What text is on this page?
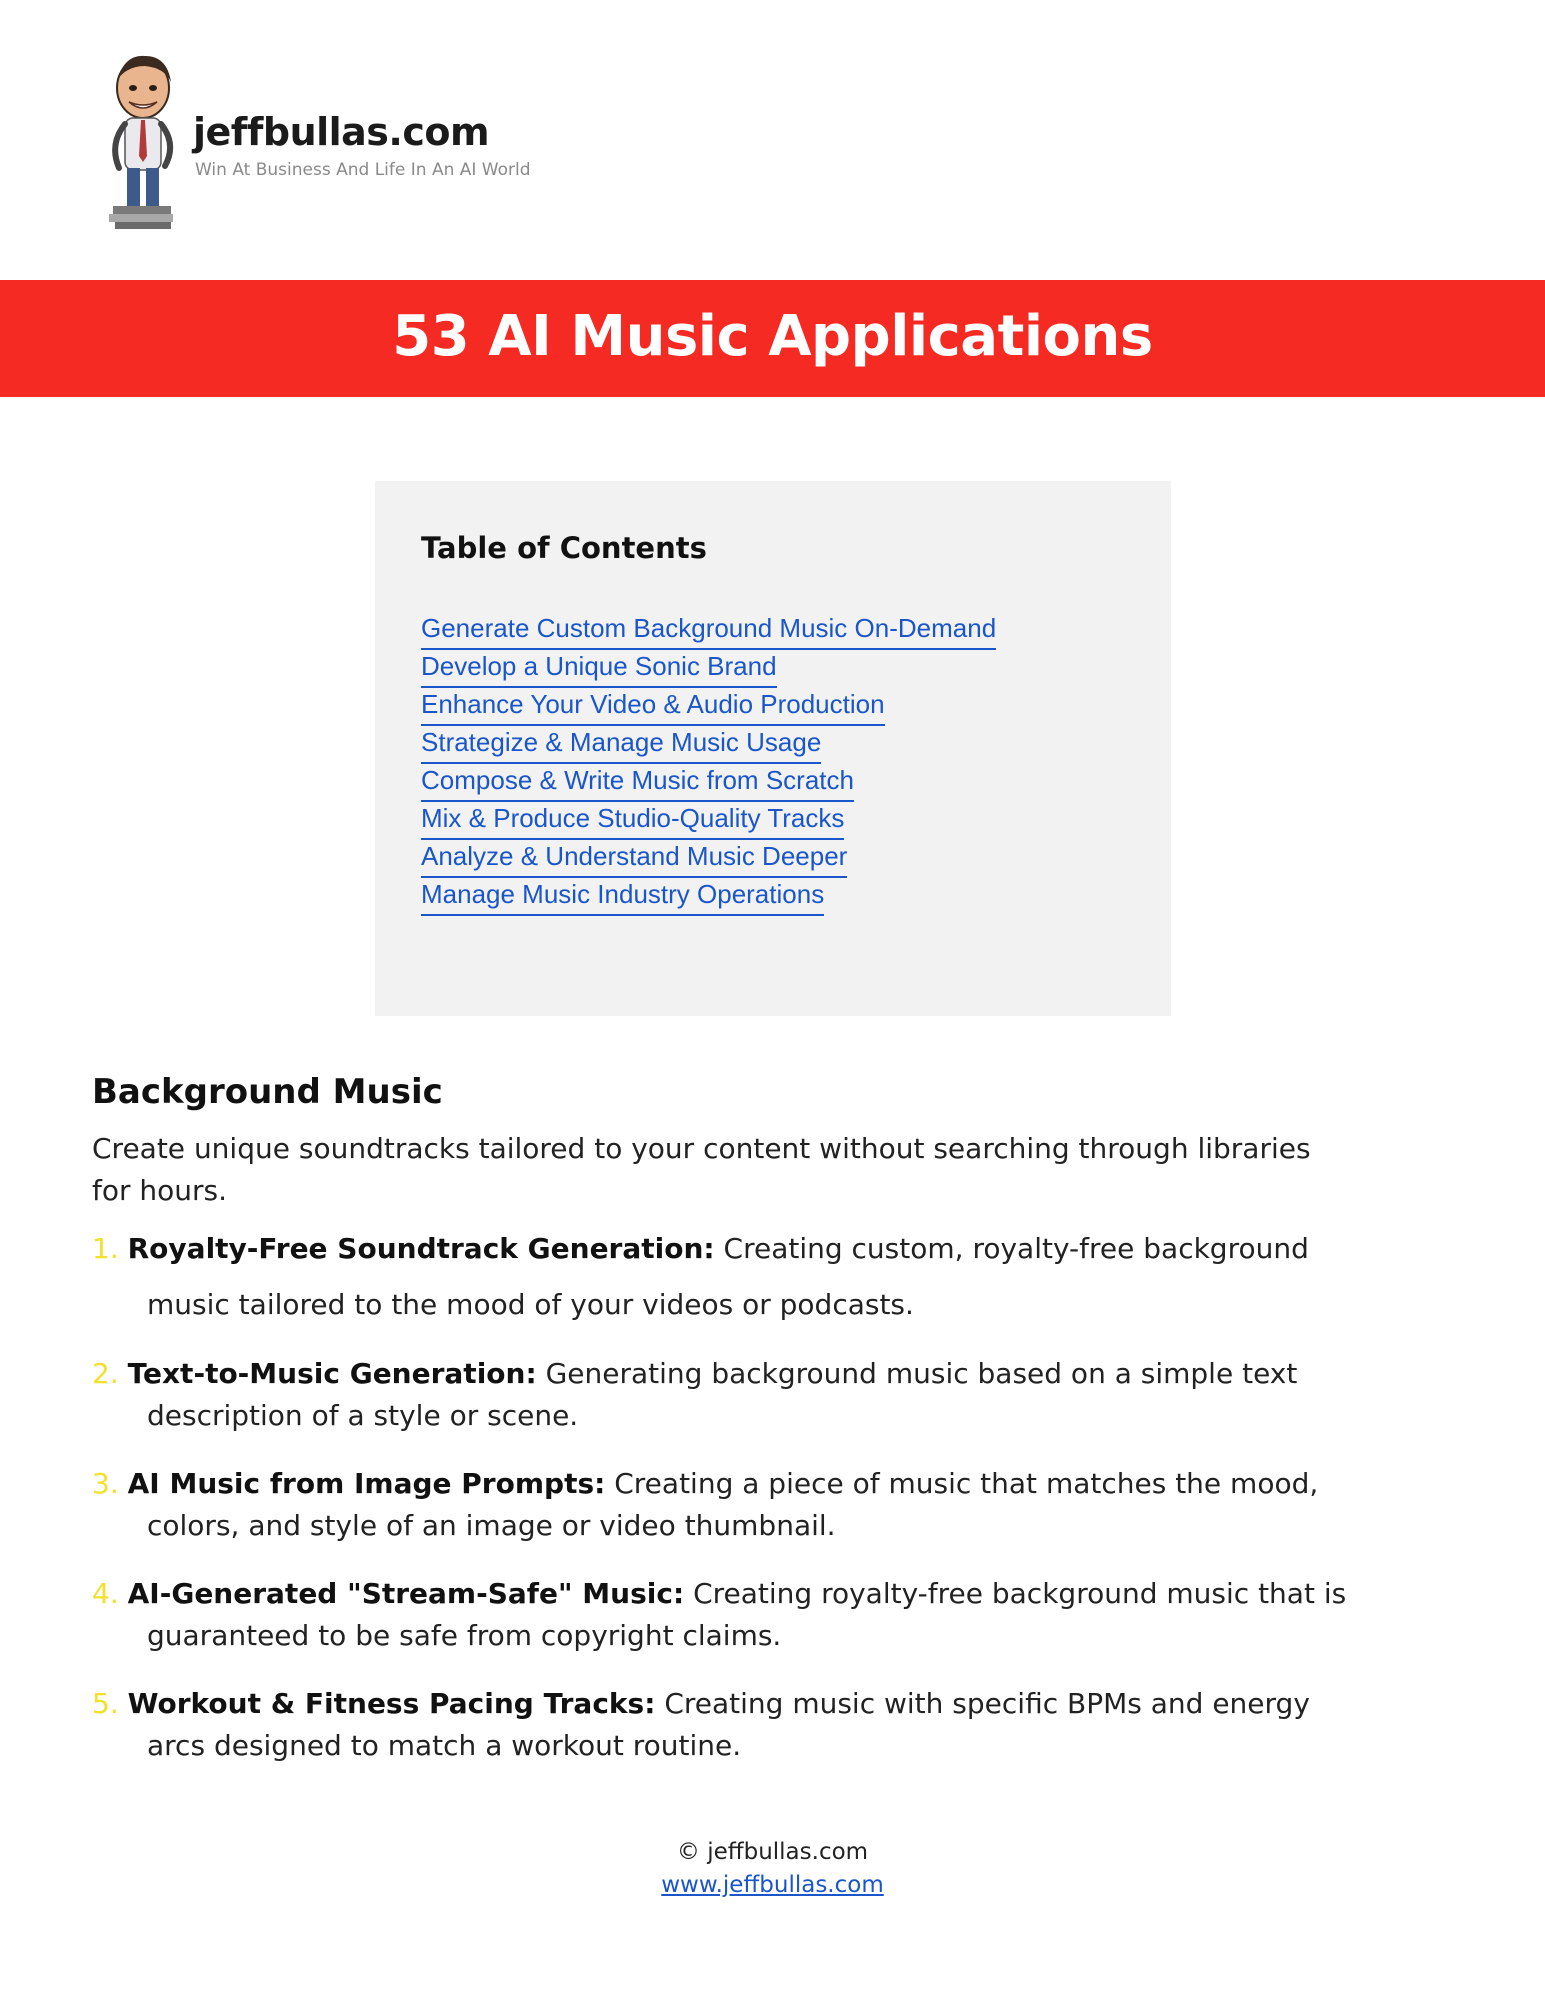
jeffbullas.com
Win At Business And Life In An AI World
53 AI Music Applications
Table of Contents
Generate Custom Background Music On-Demand
Develop a Unique Sonic Brand
Enhance Your Video & Audio Production
Strategize & Manage Music Usage
Compose & Write Music from Scratch
Mix & Produce Studio-Quality Tracks
Analyze & Understand Music Deeper
Manage Music Industry Operations
Background Music

Create unique soundtracks tailored to your content without searching through libraries
for hours.

1. Royalty-Free Soundtrack Generation: Creating custom, royalty-free background
music tailored to the mood of your videos or podcasts.
2. Text-to-Music Generation: Generating background music based on a simple text
description of a style or scene.
3. AI Music from Image Prompts: Creating a piece of music that matches the mood,
colors, and style of an image or video thumbnail.
4. AI-Generated "Stream-Safe" Music: Creating royalty-free background music that is
guaranteed to be safe from copyright claims.
5. Workout & Fitness Pacing Tracks: Creating music with specific BPMs and energy
arcs designed to match a workout routine.
© jeffbullas.com
www.jeffbullas.com
